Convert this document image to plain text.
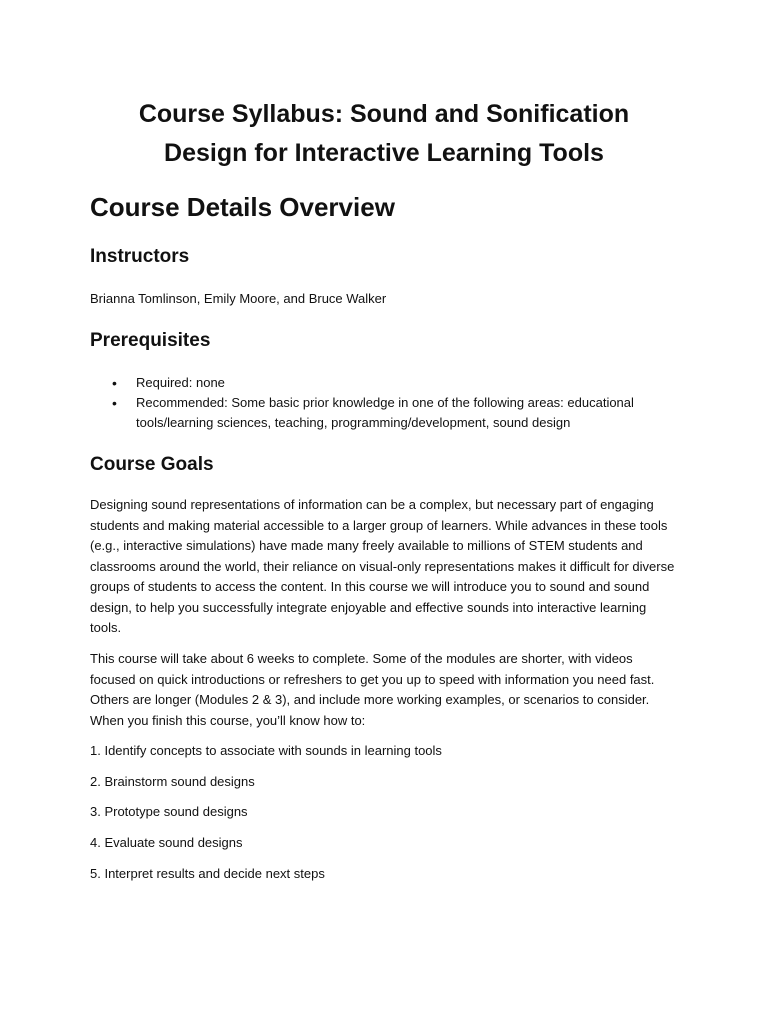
Course Syllabus: Sound and Sonification
Design for Interactive Learning Tools
Course Details Overview
Instructors
Brianna Tomlinson, Emily Moore, and Bruce Walker
Prerequisites
• Required: none
• Recommended: Some basic prior knowledge in one of the following areas: educational tools/learning sciences, teaching, programming/development, sound design
Course Goals
Designing sound representations of information can be a complex, but necessary part of engaging students and making material accessible to a larger group of learners. While advances in these tools (e.g., interactive simulations) have made many freely available to millions of STEM students and classrooms around the world, their reliance on visual-only representations makes it difficult for diverse groups of students to access the content. In this course we will introduce you to sound and sound design, to help you successfully integrate enjoyable and effective sounds into interactive learning tools.
This course will take about 6 weeks to complete. Some of the modules are shorter, with videos focused on quick introductions or refreshers to get you up to speed with information you need fast. Others are longer (Modules 2 & 3), and include more working examples, or scenarios to consider. When you finish this course, you’ll know how to:
1. Identify concepts to associate with sounds in learning tools
2. Brainstorm sound designs
3. Prototype sound designs
4. Evaluate sound designs
5. Interpret results and decide next steps
